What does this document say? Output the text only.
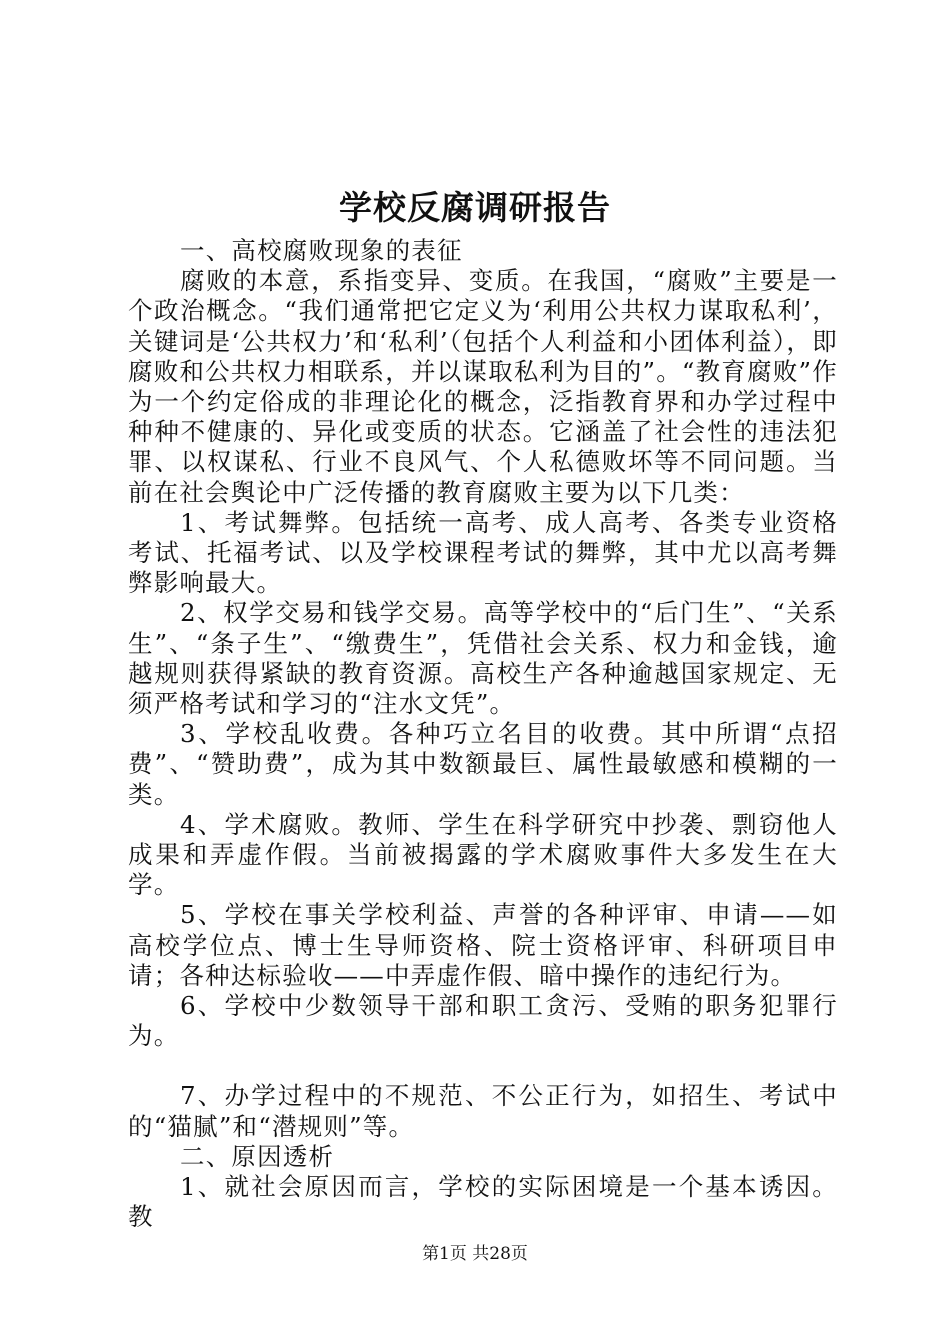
学校反腐调研报告

一、高校腐败现象的表征

腐败的本意，系指变异、变质。在我国，“腐败”主要是一个政治概念。“我们通常把它定义为‘利用公共权力谋取私利’，关键词是‘公共权力’和‘私利’（包括个人利益和小团体利益），即腐败和公共权力相联系，并以谋取私利为目的”。“教育腐败”作为一个约定俗成的非理论化的概念，泛指教育界和办学过程中种种不健康的、异化或变质的状态。它涵盖了社会性的违法犯罪、以权谋私、行业不良风气、个人私德败坏等不同问题。当前在社会舆论中广泛传播的教育腐败主要为以下几类：

1、考试舞弊。包括统一高考、成人高考、各类专业资格考试、托福考试、以及学校课程考试的舞弊，其中尤以高考舞弊影响最大。

2、权学交易和钱学交易。高等学校中的“后门生”、“关系生”、“条子生”、“缴费生”，凭借社会关系、权力和金钱，逾越规则获得紧缺的教育资源。高校生产各种逾越国家规定、无须严格考试和学习的“注水文凭”。

3、学校乱收费。各种巧立名目的收费。其中所谓“点招费”、“赞助费”，成为其中数额最巨、属性最敏感和模糊的一类。

4、学术腐败。教师、学生在科学研究中抄袭、剽窃他人成果和弄虚作假。当前被揭露的学术腐败事件大多发生在大学。

5、学校在事关学校利益、声誉的各种评审、申请——如高校学位点、博士生导师资格、院士资格评审、科研项目申请；各种达标验收——中弄虚作假、暗中操作的违纪行为。

6、学校中少数领导干部和职工贪污、受贿的职务犯罪行为。

7、办学过程中的不规范、不公正行为，如招生、考试中的“猫腻”和“潜规则”等。

二、原因透析

1、就社会原因而言，学校的实际困境是一个基本诱因。教

第1页 共28页
